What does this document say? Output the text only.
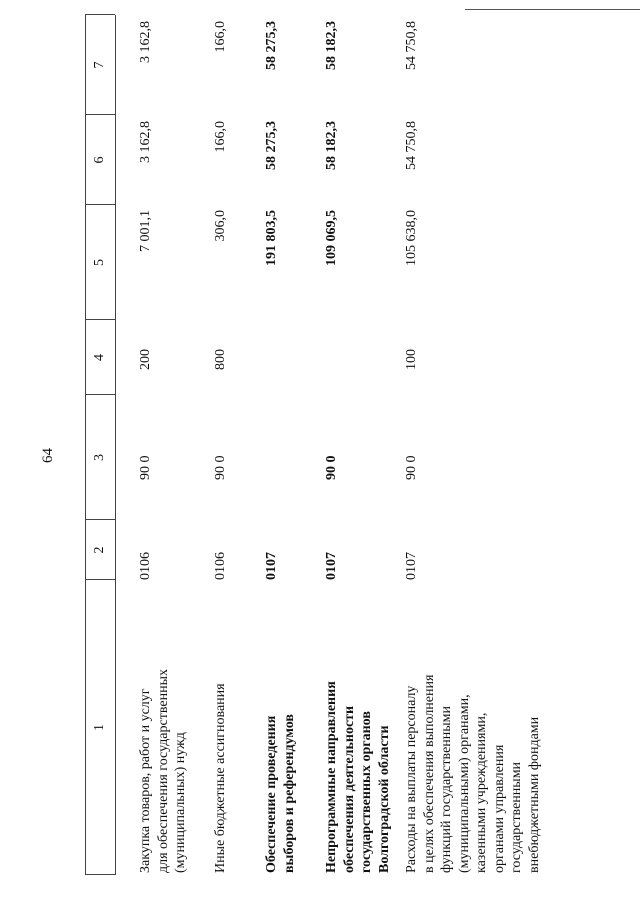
64
1
2
3
4
5
6
7
Закупка товаров, работ и услуг для обеспечения государственных (муниципальных) нужд
0106
90 0
200
7 001,1
3 162,8
3 162,8
Иные бюджетные ассигнования
0106
90 0
800
306,0
166,0
166,0
Обеспечение проведения выборов и референдумов
0107
191 803,5
58 275,3
58 275,3
Непрограммные направления обеспечения деятельности государственных органов Волгоградской области
0107
90 0
109 069,5
58 182,3
58 182,3
Расходы на выплаты персоналу в целях обеспечения выполнения функций государственными (муниципальными) органами, казенными учреждениями, органами управления государственными внебюджетными фондами
0107
90 0
100
105 638,0
54 750,8
54 750,8
